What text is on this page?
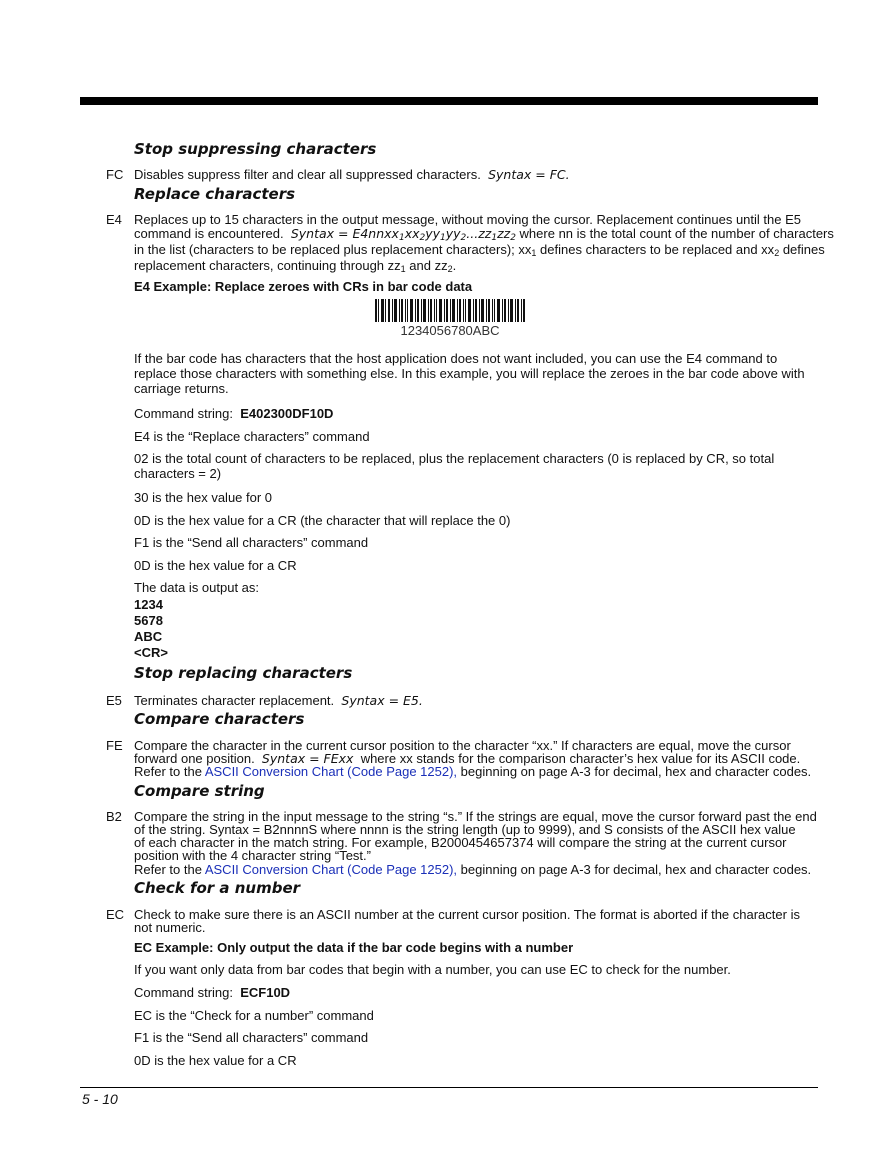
Stop suppressing characters
FC Disables suppress filter and clear all suppressed characters. Syntax = FC.
Replace characters
E4 Replaces up to 15 characters in the output message, without moving the cursor. Replacement continues until the E5
command is encountered. Syntax = $E4nnxx_1xx_2yy_1yy_2...zz_1zz_2$ where nn is the total count of the number of characters
in the list (characters to be replaced plus replacement characters); $xx_1$ defines characters to be replaced and $xx_2$ defines
replacement characters, continuing through $zz_1$ and $zz_2$.
E4 Example: Replace zeroes with CRs in bar code data
1234056780ABC
If the bar code has characters that the host application does not want included, you can use the E4 command to replace those characters with something else. In this example, you will replace the zeroes in the bar code above with carriage returns.
Command string: E402300DF10D
E4 is the “Replace characters” command
02 is the total count of characters to be replaced, plus the replacement characters (0 is replaced by CR, so total characters = 2)
30 is the hex value for 0
0D is the hex value for a CR (the character that will replace the 0)
F1 is the “Send all characters” command
0D is the hex value for a CR
The data is output as:
1234
5678
ABC
<CR>
Stop replacing characters
E5 Terminates character replacement. Syntax = E5.
Compare characters
FE Compare the character in the current cursor position to the character “xx.” If characters are equal, move the cursor
forward one position. Syntax = FExx where xx stands for the comparison character’s hex value for its ASCII code.
Refer to the ASCII Conversion Chart (Code Page 1252), beginning on page A-3 for decimal, hex and character codes.
Compare string
B2 Compare the string in the input message to the string “s.” If the strings are equal, move the cursor forward past the end
of the string. Syntax = B2nnnnS where nnnn is the string length (up to 9999), and S consists of the ASCII hex value
of each character in the match string. For example, B2000454657374 will compare the string at the current cursor
position with the 4 character string “Test.”
Refer to the ASCII Conversion Chart (Code Page 1252), beginning on page A-3 for decimal, hex and character codes.
Check for a number
EC Check to make sure there is an ASCII number at the current cursor position. The format is aborted if the character is
not numeric.
EC Example: Only output the data if the bar code begins with a number
If you want only data from bar codes that begin with a number, you can use EC to check for the number.
Command string: ECF10D
EC is the “Check for a number” command
F1 is the “Send all characters” command
0D is the hex value for a CR
5 - 10
